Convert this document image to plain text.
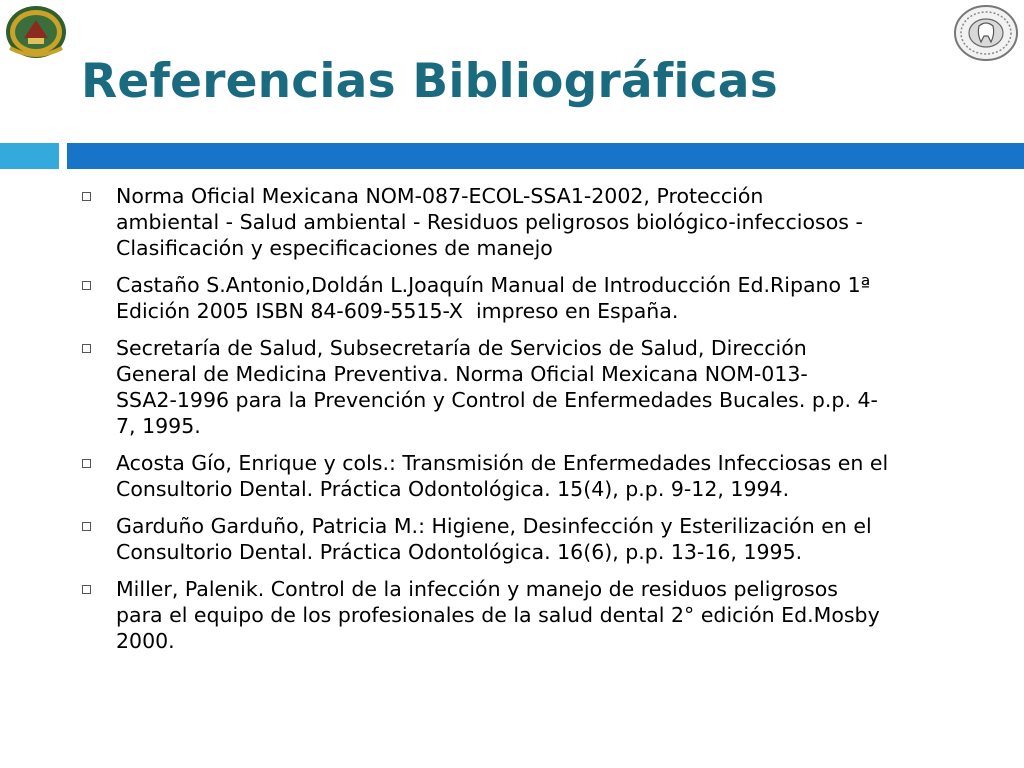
Referencias Bibliográficas
Norma Oficial Mexicana NOM-087-ECOL-SSA1-2002, Protección
ambiental - Salud ambiental - Residuos peligrosos biológico-infecciosos -
Clasificación y especificaciones de manejo
Castaño S.Antonio,Doldán L.Joaquín Manual de Introducción Ed.Ripano 1ª
Edición 2005 ISBN 84-609-5515-X  impreso en España.
Secretaría de Salud, Subsecretaría de Servicios de Salud, Dirección
General de Medicina Preventiva. Norma Oficial Mexicana NOM-013-
SSA2-1996 para la Prevención y Control de Enfermedades Bucales. p.p. 4-
7, 1995.
Acosta Gío, Enrique y cols.: Transmisión de Enfermedades Infecciosas en el
Consultorio Dental. Práctica Odontológica. 15(4), p.p. 9-12, 1994.
Garduño Garduño, Patricia M.: Higiene, Desinfección y Esterilización en el
Consultorio Dental. Práctica Odontológica. 16(6), p.p. 13-16, 1995.
Miller, Palenik. Control de la infección y manejo de residuos peligrosos
para el equipo de los profesionales de la salud dental 2° edición Ed.Mosby
2000.
